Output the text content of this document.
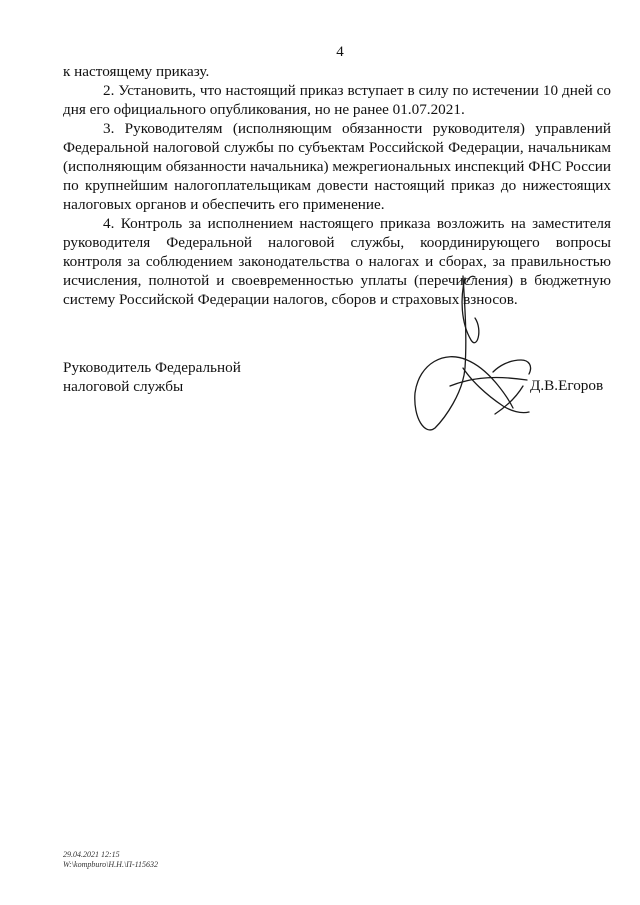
4

к настоящему приказу.

2. Установить, что настоящий приказ вступает в силу по истечении 10 дней со дня его официального опубликования, но не ранее 01.07.2021.

3. Руководителям (исполняющим обязанности руководителя) управлений Федеральной налоговой службы по субъектам Российской Федерации, начальникам (исполняющим обязанности начальника) межрегиональных инспекций ФНС России по крупнейшим налогоплательщикам довести настоящий приказ до нижестоящих налоговых органов и обеспечить его применение.

4. Контроль за исполнением настоящего приказа возложить на заместителя руководителя Федеральной налоговой службы, координирующего вопросы контроля за соблюдением законодательства о налогах и сборах, за правильностью исчисления, полнотой и своевременностью уплаты (перечисления) в бюджетную систему Российской Федерации налогов, сборов и страховых взносов.

Руководитель Федеральной
налоговой службы	Д.В.Егоров
29.04.2021 12:15
W:\kompburo\Н.Н.\П-115632
